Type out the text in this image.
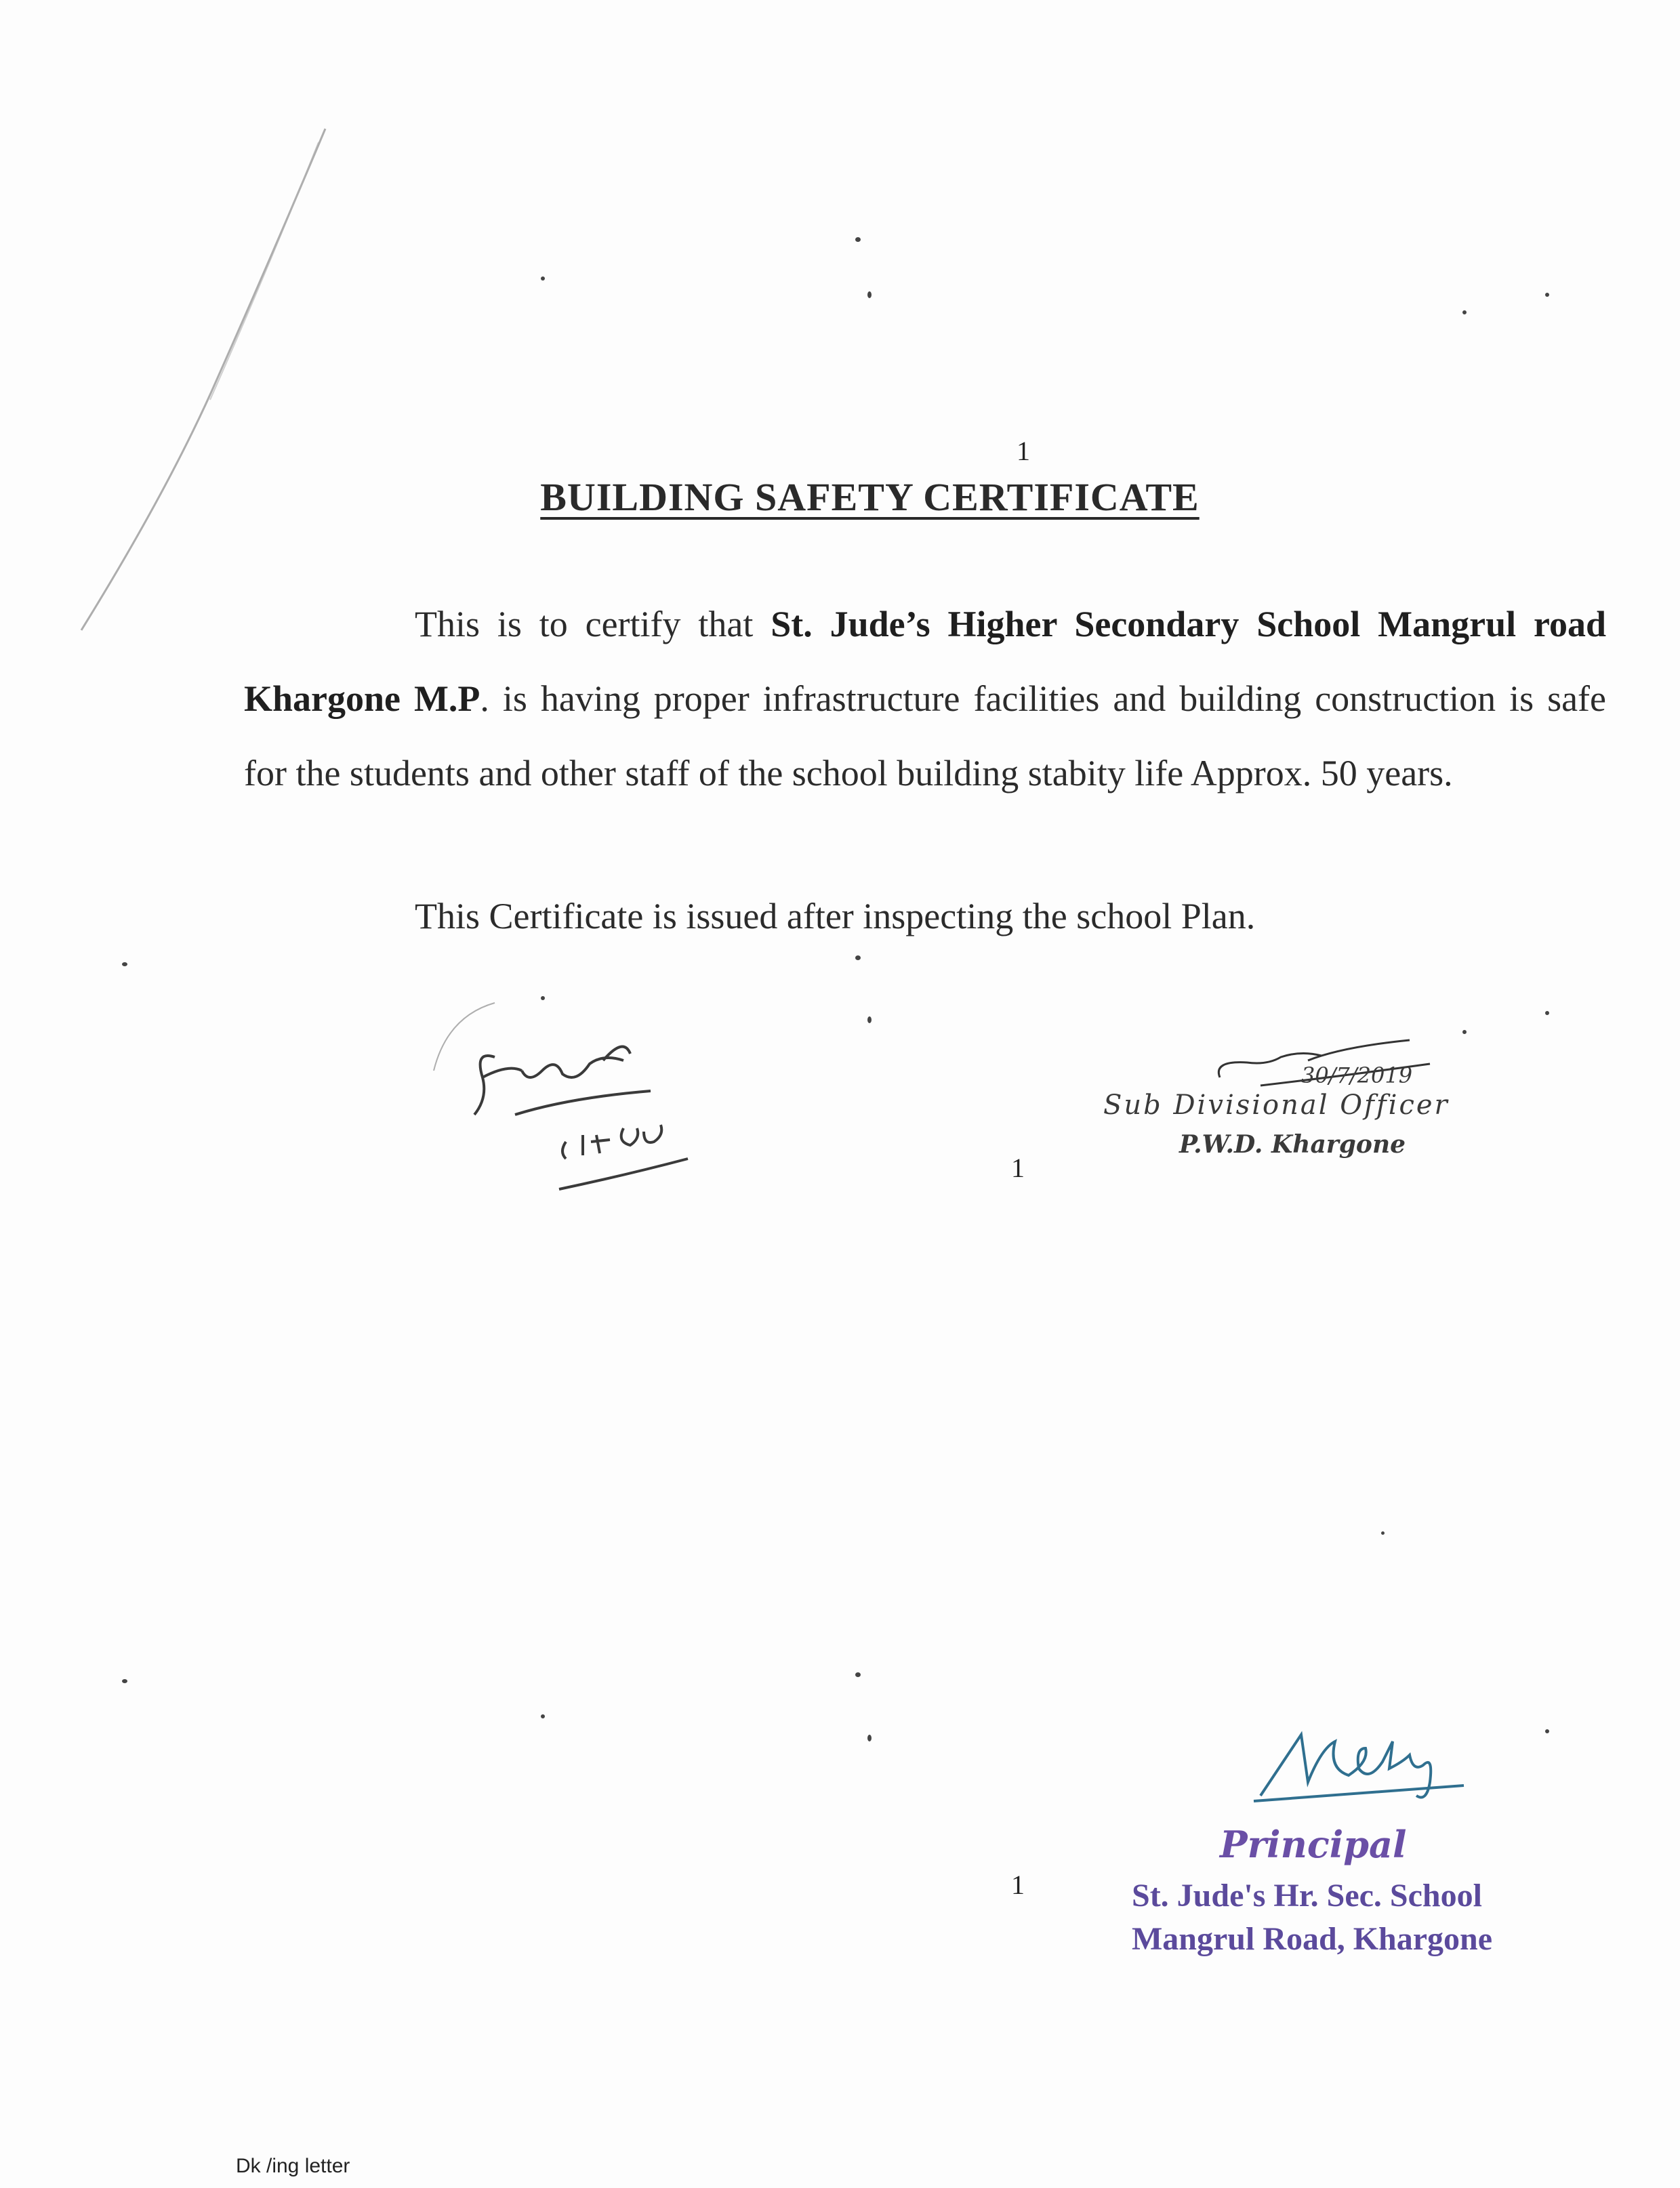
1
1
1
BUILDING SAFETY CERTIFICATE
This is to certify that St. Jude’s Higher Secondary School Mangrul road Khargone M.P. is having proper infrastructure facilities and building construction is safe for the students and other staff of the school building stabity life Approx. 50 years.
This Certificate is issued after inspecting the school Plan.
30/7/2019
Sub Divisional Officer
P.W.D. Khargone
Principal
St. Jude's Hr. Sec. School
Mangrul Road, Khargone
Dk /ing letter
